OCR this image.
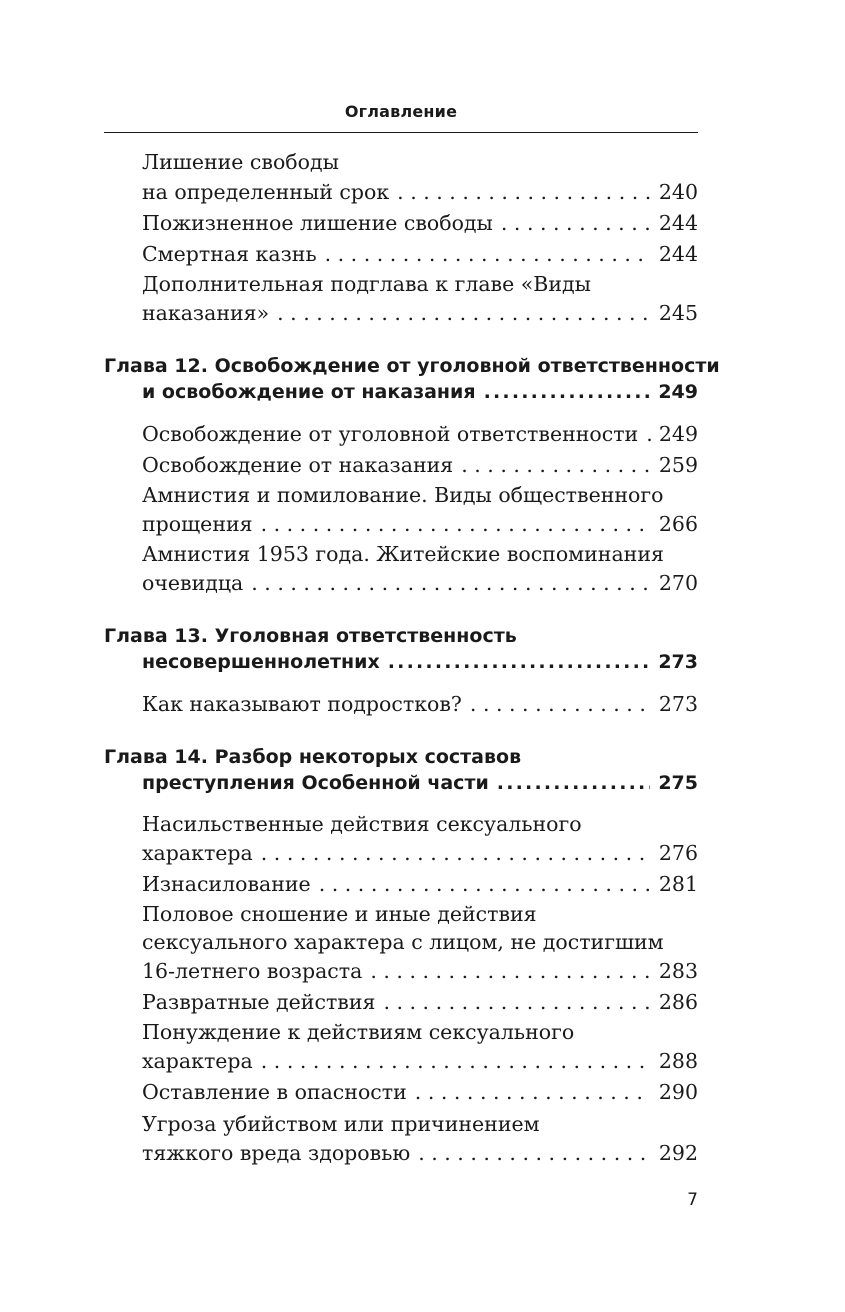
Оглавление
Лишение свободы
на определенный срок . . .	240
Пожизненное лишение свободы . . .	244
Смертная казнь . . .	244
Дополнительная подглава к главе «Виды
наказания» . . .	245
Глава 12. Освобождение от уголовной ответственности
и освобождение от наказания .....	249
Освобождение от уголовной ответственности . . . 249
Освобождение от наказания . . .	259
Амнистия и помилование. Виды общественного
прощения . . .	266
Амнистия 1953 года. Житейские воспоминания
очевидца . . .	270
Глава 13. Уголовная ответственность
несовершеннолетних .....	273
Как наказывают подростков? . . .	273
Глава 14. Разбор некоторых составов
преступления Особенной части .....	275
Насильственные действия сексуального
характера . . .	276
Изнасилование . . .	281
Половое сношение и иные действия
сексуального характера с лицом, не достигшим
16-летнего возраста . . .	283
Развратные действия . . .	286
Понуждение к действиям сексуального
характера . . .	288
Оставление в опасности . . .	290
Угроза убийством или причинением
тяжкого вреда здоровью . . .	292
7
